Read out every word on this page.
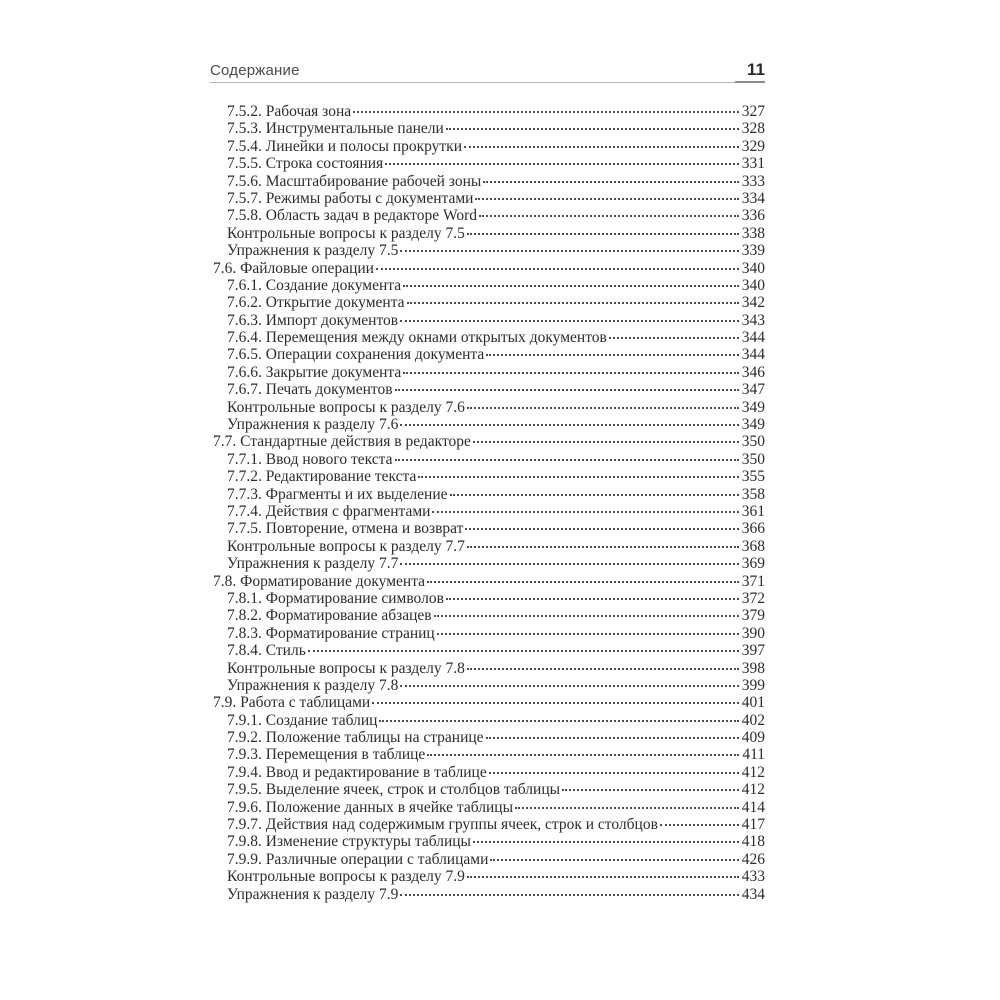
Содержание	11
7.5.2. Рабочая зона	327
7.5.3. Инструментальные панели	328
7.5.4. Линейки и полосы прокрутки	329
7.5.5. Строка состояния	331
7.5.6. Масштабирование рабочей зоны	333
7.5.7. Режимы работы с документами	334
7.5.8. Область задач в редакторе Word	336
Контрольные вопросы к разделу 7.5	338
Упражнения к разделу 7.5	339
7.6. Файловые операции	340
7.6.1. Создание документа	340
7.6.2. Открытие документа	342
7.6.3. Импорт документов	343
7.6.4. Перемещения между окнами открытых документов	344
7.6.5. Операции сохранения документа	344
7.6.6. Закрытие документа	346
7.6.7. Печать документов	347
Контрольные вопросы к разделу 7.6	349
Упражнения к разделу 7.6	349
7.7. Стандартные действия в редакторе	350
7.7.1. Ввод нового текста	350
7.7.2. Редактирование текста	355
7.7.3. Фрагменты и их выделение	358
7.7.4. Действия с фрагментами	361
7.7.5. Повторение, отмена и возврат	366
Контрольные вопросы к разделу 7.7	368
Упражнения к разделу 7.7	369
7.8. Форматирование документа	371
7.8.1. Форматирование символов	372
7.8.2. Форматирование абзацев	379
7.8.3. Форматирование страниц	390
7.8.4. Стиль	397
Контрольные вопросы к разделу 7.8	398
Упражнения к разделу 7.8	399
7.9. Работа с таблицами	401
7.9.1. Создание таблиц	402
7.9.2. Положение таблицы на странице	409
7.9.3. Перемещения в таблице	411
7.9.4. Ввод и редактирование в таблице	412
7.9.5. Выделение ячеек, строк и столбцов таблицы	412
7.9.6. Положение данных в ячейке таблицы	414
7.9.7. Действия над содержимым группы ячеек, строк и столбцов	417
7.9.8. Изменение структуры таблицы	418
7.9.9. Различные операции с таблицами	426
Контрольные вопросы к разделу 7.9	433
Упражнения к разделу 7.9	434
